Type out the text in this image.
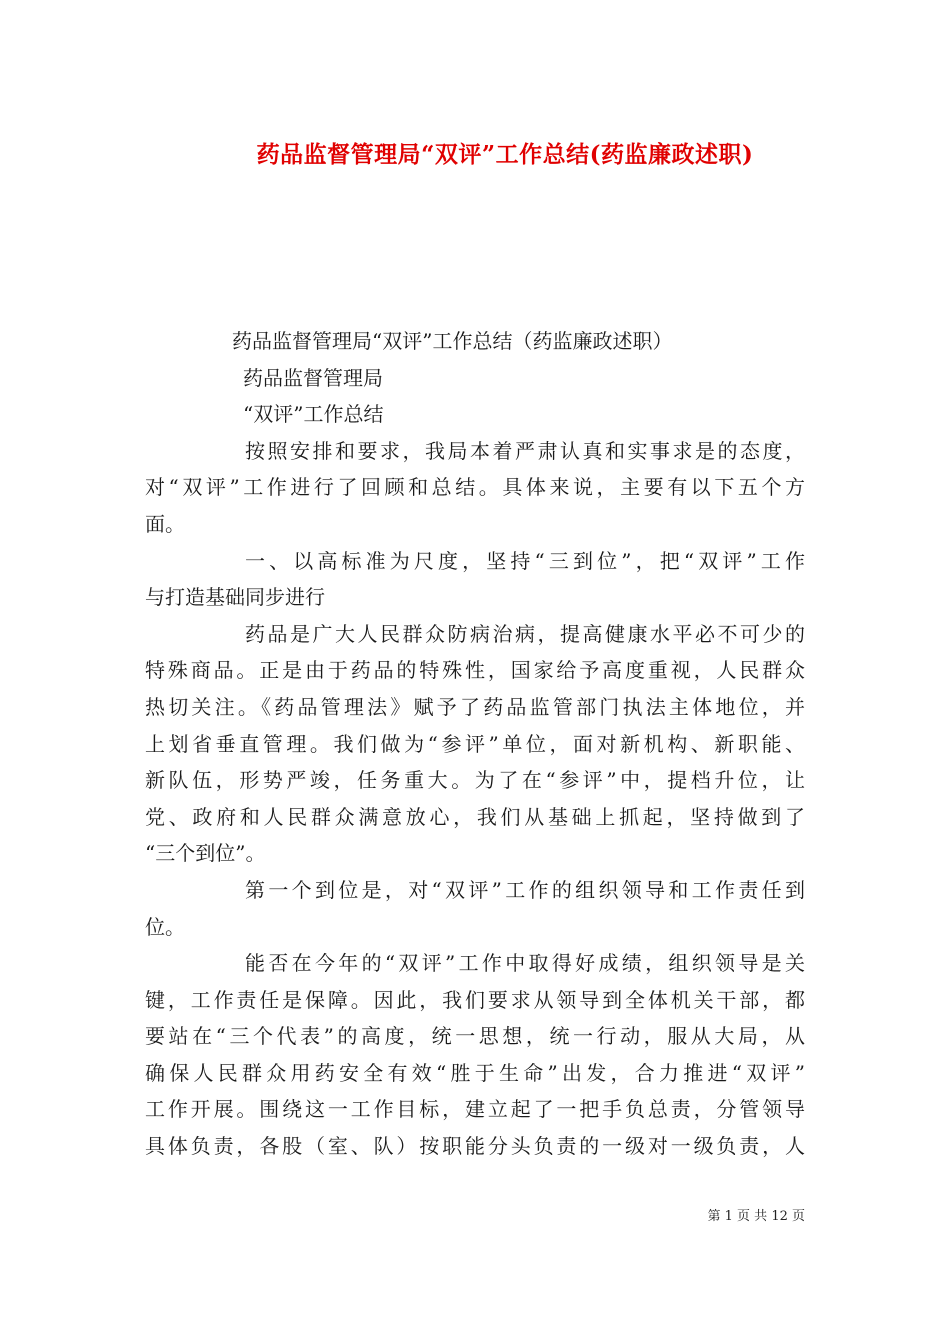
药品监督管理局“双评”工作总结(药监廉政述职)
药品监督管理局“双评”工作总结（药监廉政述职）
药品监督管理局
“双评”工作总结
按照安排和要求，我局本着严肃认真和实事求是的态度，
对“双评”工作进行了回顾和总结。具体来说，主要有以下五个方
面。
一、以高标准为尺度，坚持“三到位”，把“双评”工作
与打造基础同步进行
药品是广大人民群众防病治病，提高健康水平必不可少的
特殊商品。正是由于药品的特殊性，国家给予高度重视，人民群众
热切关注。《药品管理法》赋予了药品监管部门执法主体地位，并
上划省垂直管理。我们做为“参评”单位，面对新机构、新职能、
新队伍，形势严竣，任务重大。为了在“参评”中，提档升位，让
党、政府和人民群众满意放心，我们从基础上抓起，坚持做到了
“三个到位”。
第一个到位是，对“双评”工作的组织领导和工作责任到
位。
能否在今年的“双评”工作中取得好成绩，组织领导是关
键，工作责任是保障。因此，我们要求从领导到全体机关干部，都
要站在“三个代表”的高度，统一思想，统一行动，服从大局，从
确保人民群众用药安全有效“胜于生命”出发，合力推进“双评”
工作开展。围绕这一工作目标，建立起了一把手负总责，分管领导
具体负责，各股（室、队）按职能分头负责的一级对一级负责，人
第 1 页 共 12 页
